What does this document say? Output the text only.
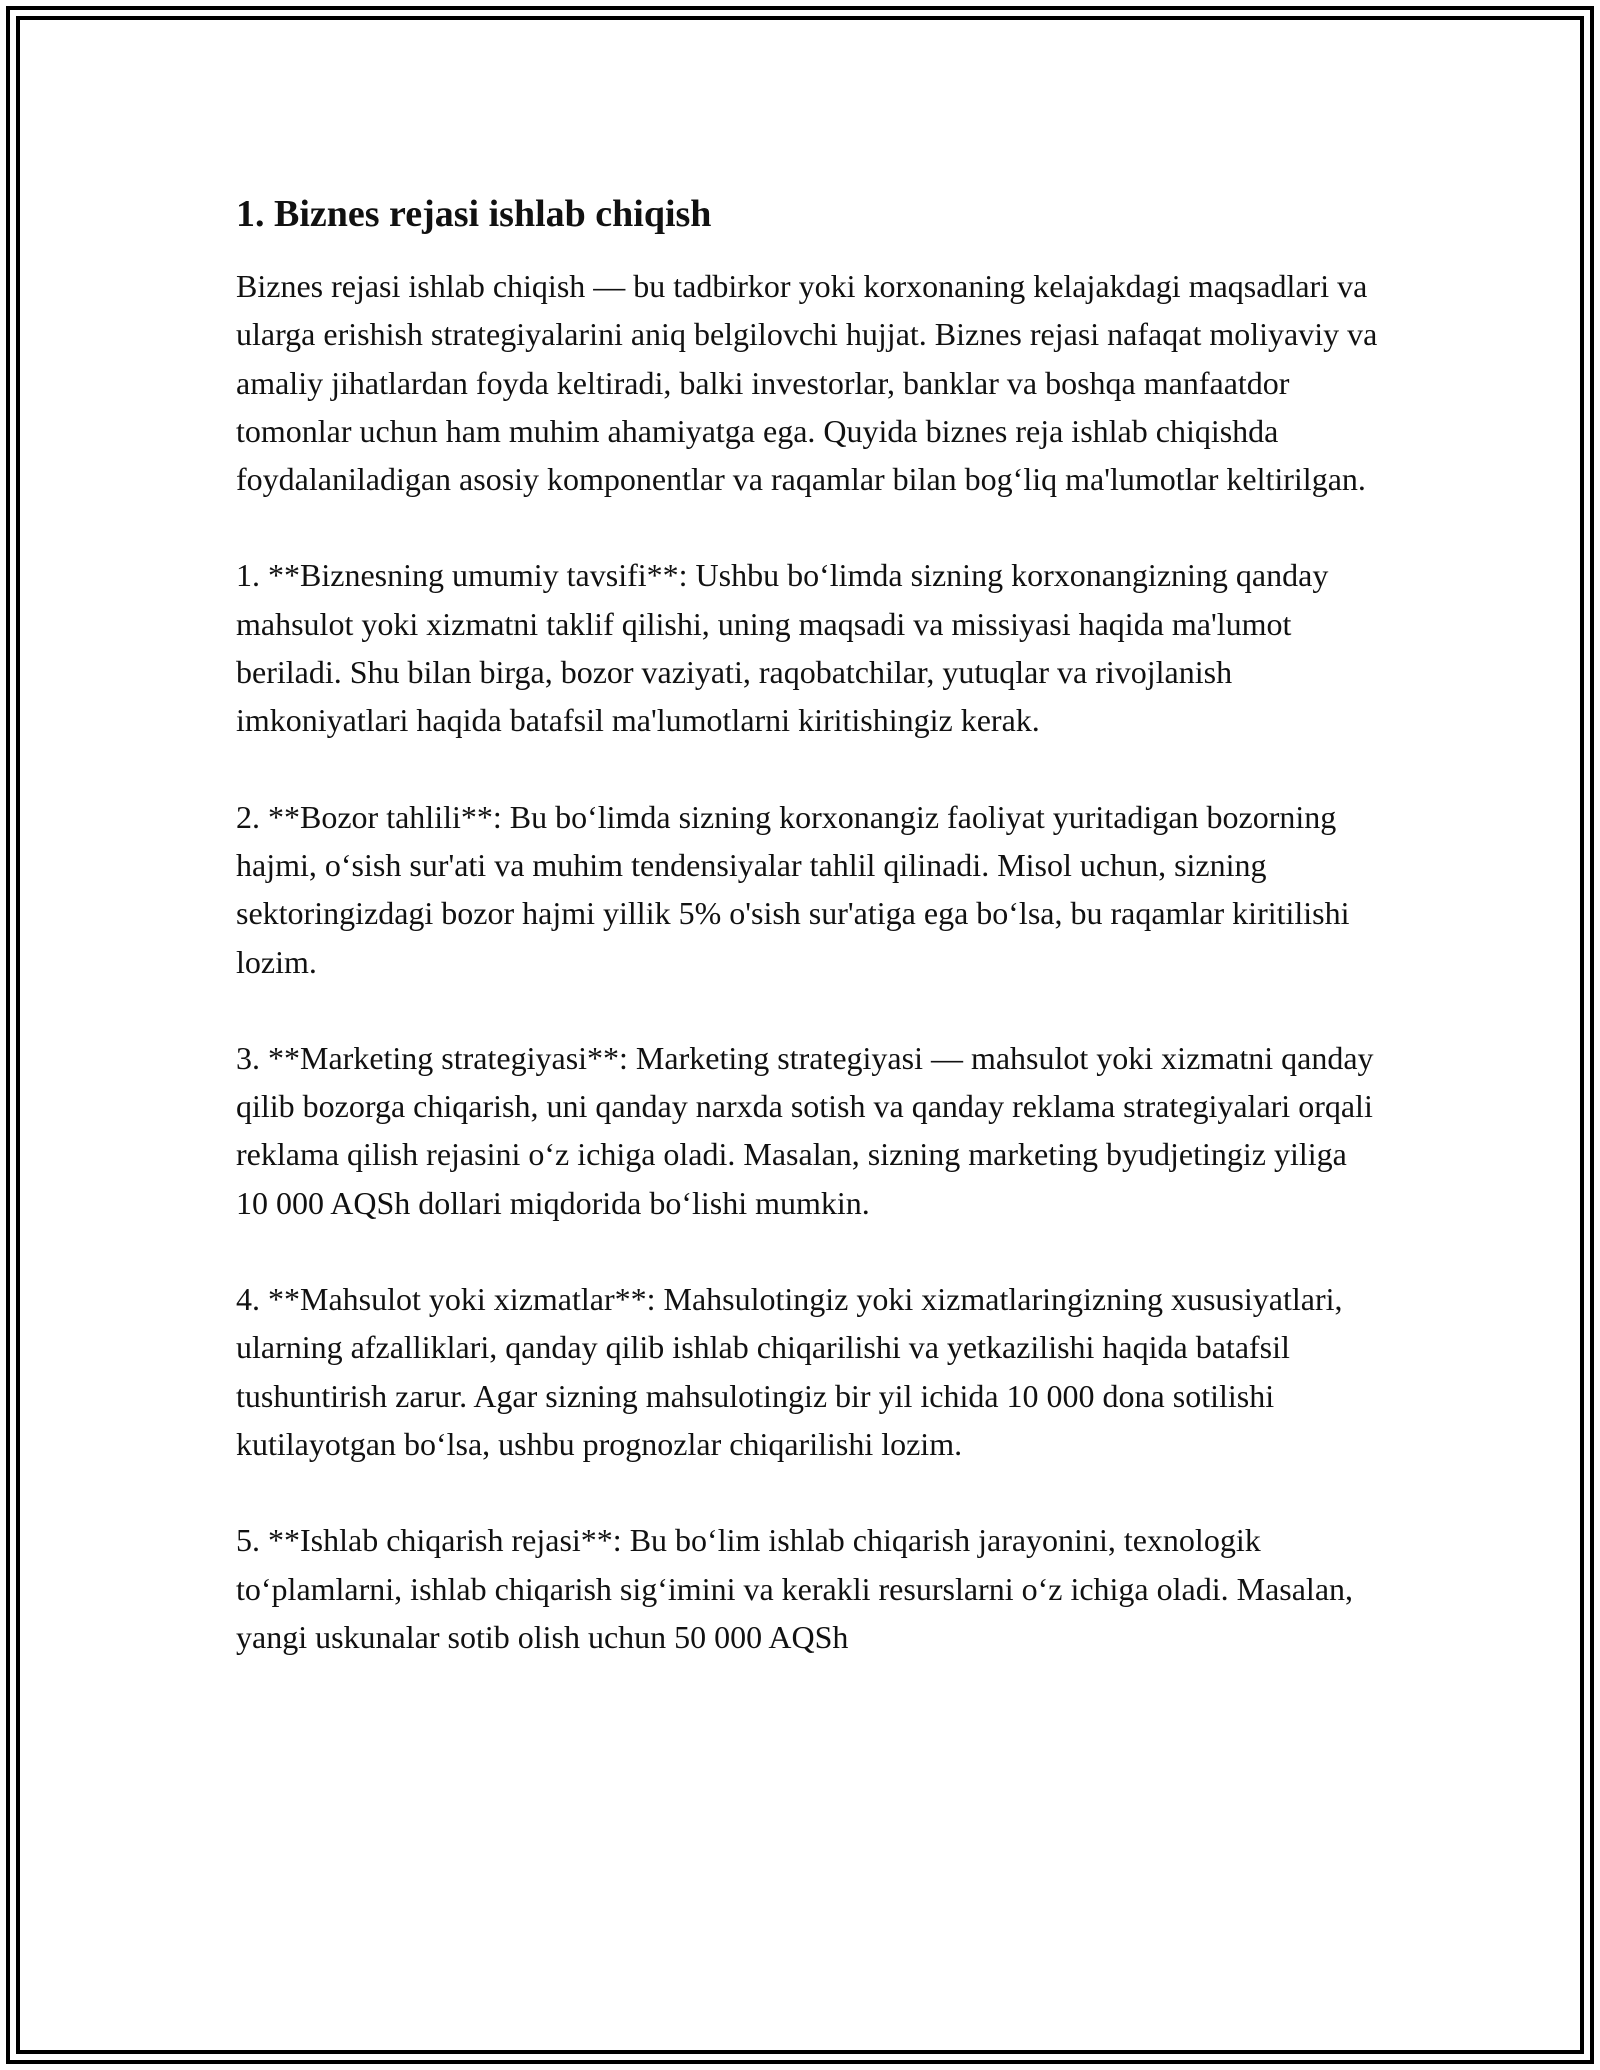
1. Biznes rejasi ishlab chiqish

Biznes rejasi ishlab chiqish — bu tadbirkor yoki korxonaning kelajakdagi maqsadlari va ularga erishish strategiyalarini aniq belgilovchi hujjat. Biznes rejasi nafaqat moliyaviy va amaliy jihatlardan foyda keltiradi, balki investorlar, banklar va boshqa manfaatdor tomonlar uchun ham muhim ahamiyatga ega. Quyida biznes reja ishlab chiqishda foydalaniladigan asosiy komponentlar va raqamlar bilan bog‘liq ma'lumotlar keltirilgan.

1. **Biznesning umumiy tavsifi**: Ushbu bo‘limda sizning korxonangizning qanday mahsulot yoki xizmatni taklif qilishi, uning maqsadi va missiyasi haqida ma'lumot beriladi. Shu bilan birga, bozor vaziyati, raqobatchilar, yutuqlar va rivojlanish imkoniyatlari haqida batafsil ma'lumotlarni kiritishingiz kerak.

2. **Bozor tahlili**: Bu bo‘limda sizning korxonangiz faoliyat yuritadigan bozorning hajmi, o‘sish sur'ati va muhim tendensiyalar tahlil qilinadi. Misol uchun, sizning sektoringizdagi bozor hajmi yillik 5% o'sish sur'atiga ega bo‘lsa, bu raqamlar kiritilishi lozim.

3. **Marketing strategiyasi**: Marketing strategiyasi — mahsulot yoki xizmatni qanday qilib bozorga chiqarish, uni qanday narxda sotish va qanday reklama strategiyalari orqali reklama qilish rejasini o‘z ichiga oladi. Masalan, sizning marketing byudjetingiz yiliga 10 000 AQSh dollari miqdorida bo‘lishi mumkin.

4. **Mahsulot yoki xizmatlar**: Mahsulotingiz yoki xizmatlaringizning xususiyatlari, ularning afzalliklari, qanday qilib ishlab chiqarilishi va yetkazilishi haqida batafsil tushuntirish zarur. Agar sizning mahsulotingiz bir yil ichida 10 000 dona sotilishi kutilayotgan bo‘lsa, ushbu prognozlar chiqarilishi lozim.

5. **Ishlab chiqarish rejasi**: Bu bo‘lim ishlab chiqarish jarayonini, texnologik to‘plamlarni, ishlab chiqarish sig‘imini va kerakli resurslarni o‘z ichiga oladi. Masalan, yangi uskunalar sotib olish uchun 50 000 AQSh
